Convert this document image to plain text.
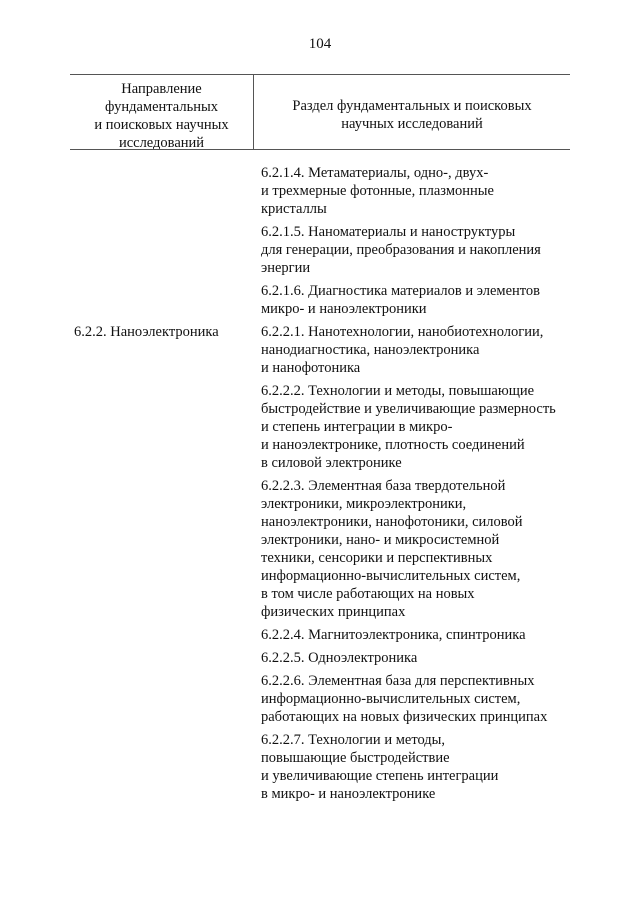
104
Направление
фундаментальных
и поисковых научных
исследований
Раздел фундаментальных и поисковых
научных исследований
6.2.1.4. Метаматериалы, одно-, двух-
и трехмерные фотонные, плазмонные
кристаллы
6.2.1.5. Наноматериалы и наноструктуры
для генерации, преобразования и накопления
энергии
6.2.1.6. Диагностика материалов и элементов
микро- и наноэлектроники
6.2.2. Наноэлектроника	6.2.2.1. Нанотехнологии, нанобиотехнологии,
нанодиагностика, наноэлектроника
и нанофотоника
6.2.2.2. Технологии и методы, повышающие
быстродействие и увеличивающие размерность
и степень интеграции в микро-
и наноэлектронике, плотность соединений
в силовой электронике
6.2.2.3. Элементная база твердотельной
электроники, микроэлектроники,
наноэлектроники, нанофотоники, силовой
электроники, нано- и микросистемной
техники, сенсорики и перспективных
информационно-вычислительных систем,
в том числе работающих на новых
физических принципах
6.2.2.4. Магнитоэлектроника, спинтроника
6.2.2.5. Одноэлектроника
6.2.2.6. Элементная база для перспективных
информационно-вычислительных систем,
работающих на новых физических принципах
6.2.2.7. Технологии и методы,
повышающие быстродействие
и увеличивающие степень интеграции
в микро- и наноэлектронике
